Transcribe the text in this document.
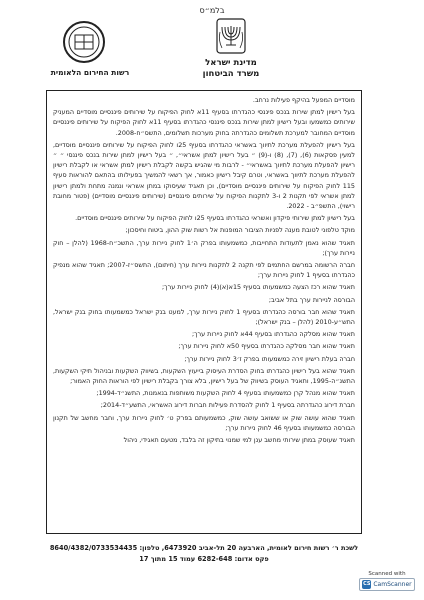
בלמ״ס
מדינת ישראל
משרד הביטחון
רשות החירום הלאומית

מוסדיים המפעל בהיקף פעילות נרחב.

בעל רישיון למתן שירות בנכס פיננסי כהגדרתו בסעיף 11א לחוק הפיקוח על שירותים פיננסיים מוסדיים המעניק שירותים כמשמעו ובעל רישיון למתן שירות בנכס פיננסי כהגדרתו בסעיף 11א לחוק הפיקוח על שירותים פיננסיים מוסדיים המחובר למערכת תשלומים כהגדרתה בחוק מערכות תשלומים, התשס״ח-2008.

בעל רישיון להפעלת מערכת לתיווך באשראי כהגדרתו בסעיף 25ו לחוק הפיקוח על שירותים פיננסיים מוסדיים, למעין פסקאות (6), (7), (8) ו-(9) ״ בעל רישיון למתן אשראי״, ״ בעל רישיון למתן שירות בנכס פיננסי ״ ״ רישיון להפעלת מערכת לתיווך באשראי״ - לרבות מי שהגיש בקשה לקבלת רישיון למתן אשראי או לקבלת רישיון להפעלת מערכת לתיווך באשראי, וטרם קיבל רישיון כאמור, אך רשאי להמשיך בפעילותו בהתאם להוראות סעיף 115 לחוק הפיקוח על שירותים פיננסיים מוסדיים), וכן תאגיד שעיסוקו במתן אשראי ונמנה מתחת ולמתן רישיון למתן אשראי לפי תקנות 2 ו-3 לתקנות הפיקוח על שירותים פיננסיים (שירותים פיננסיים מוסדיים) (פטור מחובת רישוי), התשפ״ב - 2022.

בעל רישיון למתן שירותי פיקדון ואשראי כהגדרתו בסעיף 25ו לחוק הפיקוח על שירותים פיננסיים מוסדיים.

מוקד טלפוני לטובת מענה לפניות הציבור המופנות אל רשות שוק ההון, ביטוח וחיסכון;

תאגיד שהוא נאמן לתעודות התחייבות, כמשמעותו בפרק ה׳1 לחוק ניירות ערך, התשכ״ח-1968 (להלן – חוק ניירות ערך);

חברה הרשומה במרשם החתמים לפי תקנה 2 לתקנות ניירות ערך (חיתום), התשס״ז-2007; תאגיד שהוא מנפיק כהגדרתו בסעיף 1 לחוק ניירות ערך;

תאגיד שהוא רכז הצעה כמשמעותו בסעיף 15א(א)(4) לחוק ניירות ערך;

הבורסה לניירות ערך בתל אביב;

תאגיד שהוא חבר בורסה כהגדרתו בסעיף 1 לחוק ניירות ערך, למעט בנק ישראל כמשמעותו בחוק בנק ישראל, התש״ע-2010 (להלן – בנק ישראל);

תאגיד שהוא מסלקה כהגדרתו בסעיף 44א לחוק ניירות ערך;

תאגיד שהוא חבר מסלקה כהגדרתו בסעיף 50א לחוק ניירות ערך;

חברה בעלת רישיון זירה כמשמעותו בפרק ז׳3 לחוק ניירות ערך;

תאגיד שהוא בעל רישיון כהגדרתו בחוק הסדרת העיסוק בייעוץ השקעות, בשיווק השקעות ובניהול תיקי השקעות, התשנ״ה-1995, ותאגיד העוסק בשיווק של בעל רישיון, בלא צורך בקבלת רישיון לפי הוראות החוק האמור;

תאגיד שהוא מנהל קרן כמשמעותו בסעיף 4 לחוק השקעות משותפות בנאמנות, התשנ״ד-1994;

חברת דירוג כהגדרתה בסעיף 1 לחוק להסדרת פעילות חברות דירוג האשראי, התשע״ד-2014;

תאגיד שהוא עושה שוק או ששואב עושה שוק, כמשמעותם בפרק ט׳ לחוק ניירות ערך, וחבר מחשב של תקנון הבורסה כמשמעותו בסעיף 46 לחוק ניירות ערך;

תאגיד שעוסק במתן שירותי מחשב ענן למי שמנוי בתיקון זה בלבד, מטעם תאגידי, ניהול

לשכת ר׳ רשות חירום לאומית, הארבעה 20 תל-אביב 6473920, טלפון: 8640/4382/0733534435
פקס אדום: 6282-648 עמוד 15 מתוך 17
Scanned with
CS CamScanner
